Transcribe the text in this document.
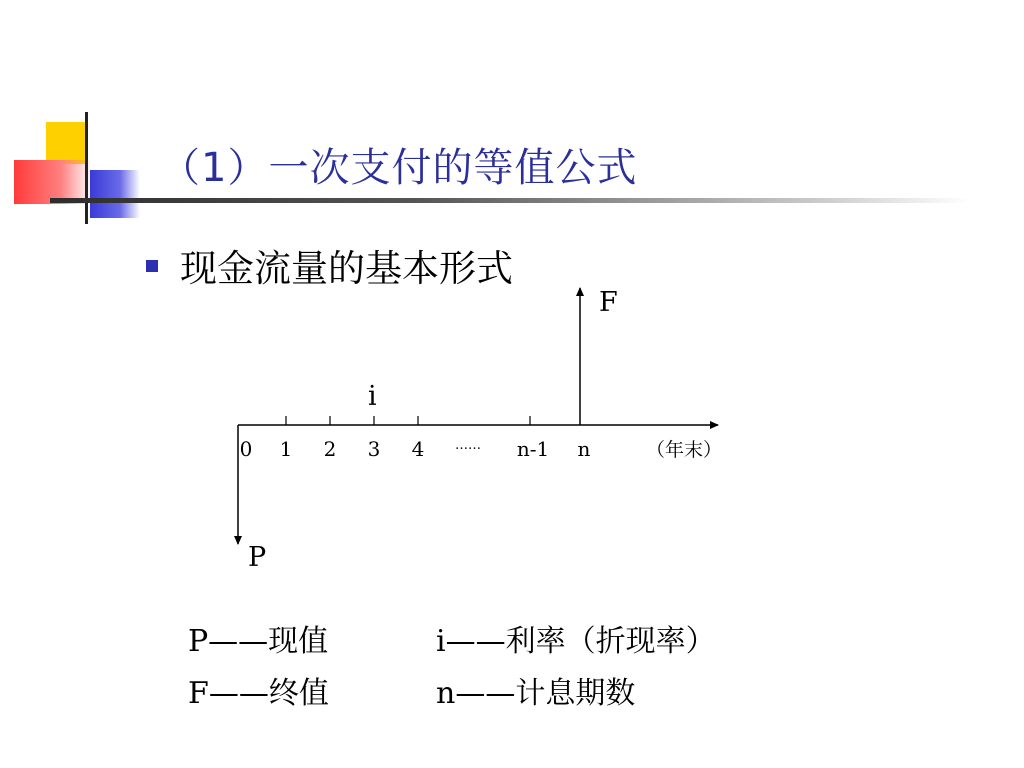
（1）一次支付的等值公式
现金流量的基本形式
0 1 2 3 4 …… n-1 n
F
P
i
（年末）
P——现值
F——终值
i——利率（折现率）
n——计息期数
